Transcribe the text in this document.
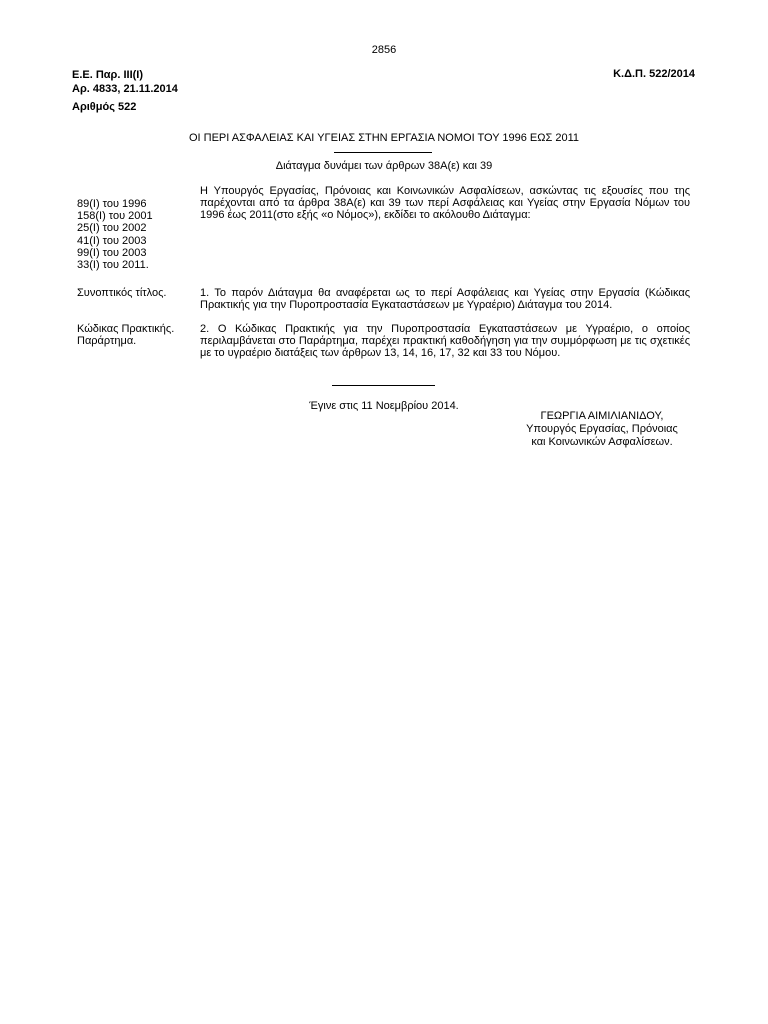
2856
Ε.Ε. Παρ. ΙΙΙ(Ι)
Αρ. 4833, 21.11.2014
Κ.Δ.Π. 522/2014
Αριθμός 522
ΟΙ ΠΕΡΙ ΑΣΦΑΛΕΙΑΣ ΚΑΙ ΥΓΕΙΑΣ ΣΤΗΝ ΕΡΓΑΣΙΑ ΝΟΜΟΙ ΤΟΥ 1996 ΕΩΣ 2011
Διάταγμα δυνάμει των άρθρων 38Α(ε) και 39
89(Ι) του 1996
158(Ι) του 2001
25(Ι) του 2002
41(Ι) του 2003
99(Ι) του 2003
33(Ι) του 2011.
Η Υπουργός Εργασίας, Πρόνοιας και Κοινωνικών Ασφαλίσεων, ασκώντας τις εξουσίες που της παρέχονται από τα άρθρα 38Α(ε) και 39 των περί Ασφάλειας και Υγείας στην Εργασία Νόμων του 1996 έως 2011(στο εξής «ο Νόμος»), εκδίδει το ακόλουθο Διάταγμα:
Συνοπτικός τίτλος.	1. Το παρόν Διάταγμα θα αναφέρεται ως το περί Ασφάλειας και Υγείας στην Εργασία (Κώδικας Πρακτικής για την Πυροπροστασία Εγκαταστάσεων με Υγραέριο) Διάταγμα του 2014.
Κώδικας Πρακτικής.
Παράρτημα.
2. Ο Κώδικας Πρακτικής για την Πυροπροστασία Εγκαταστάσεων με Υγραέριο, ο οποίος περιλαμβάνεται στο Παράρτημα, παρέχει πρακτική καθοδήγηση για την συμμόρφωση με τις σχετικές με το υγραέριο διατάξεις των άρθρων 13, 14, 16, 17, 32 και 33 του Νόμου.
Έγινε στις 11 Νοεμβρίου 2014.
ΓΕΩΡΓΙΑ ΑΙΜΙΛΙΑΝΙΔΟΥ,
Υπουργός Εργασίας, Πρόνοιας
και Κοινωνικών Ασφαλίσεων.
